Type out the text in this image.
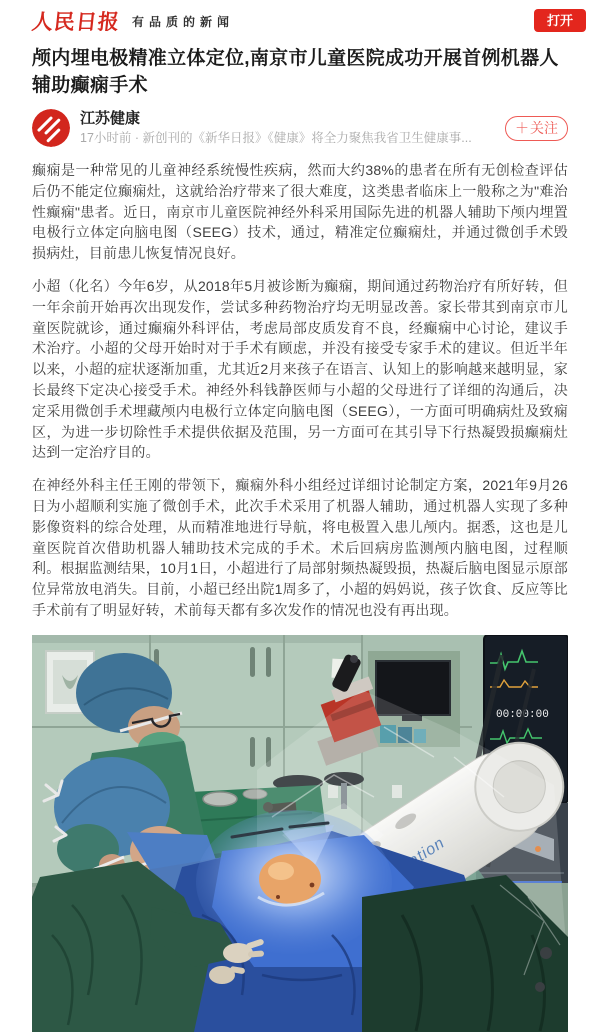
人民日报 有品质的新闻	打开
颅内埋电极精准立体定位,南京市儿童医院成功开展首例机器人辅助癫痫手术
江苏健康
17小时前 · 新创刊的《新华日报》《健康》将全力聚焦我省卫生健康事...
＋ 关注

癫痫是一种常见的儿童神经系统慢性疾病，然而大约38%的患者在所有无创检查评估后仍不能定位癫痫灶，这就给治疗带来了很大难度，这类患者临床上一般称之为"难治性癫痫"患者。近日，南京市儿童医院神经外科采用国际先进的机器人辅助下颅内埋置电极行立体定向脑电图（SEEG）技术，通过，精准定位癫痫灶，并通过微创手术毁损病灶，目前患儿恢复情况良好。

小超（化名）今年6岁，从2018年5月被诊断为癫痫，期间通过药物治疗有所好转，但一年余前开始再次出现发作，尝试多种药物治疗均无明显改善。家长带其到南京市儿童医院就诊，通过癫痫外科评估，考虑局部皮质发育不良，经癫痫中心讨论，建议手术治疗。小超的父母开始时对于手术有顾虑，并没有接受专家手术的建议。但近半年以来，小超的症状逐渐加重，尤其近2月来孩子在语言、认知上的影响越来越明显，家长最终下定决心接受手术。神经外科钱静医师与小超的父母进行了详细的沟通后，决定采用微创手术埋藏颅内电极行立体定向脑电图（SEEG），一方面可明确病灶及致痫区，为进一步切除性手术提供依据及范围，另一方面可在其引导下行热凝毁损癫痫灶达到一定治疗目的。

在神经外科主任王刚的带领下，癫痫外科小组经过详细讨论制定方案，2021年9月26日为小超顺利实施了微创手术，此次手术采用了机器人辅助，通过机器人实现了多种影像资料的综合处理，从而精准地进行导航，将电极置入患儿颅内。据悉，这也是儿童医院首次借助机器人辅助技术完成的手术。术后回病房监测颅内脑电图，过程顺利。根据监测结果，10月1日，小超进行了局部射频热凝毁损，热凝后脑电图显示原部位异常放电消失。目前，小超已经出院1周多了，小超的妈妈说，孩子饮食、反应等比手术前有了明显好转，术前每天都有多次发作的情况也没有再出现。

00:00:00
